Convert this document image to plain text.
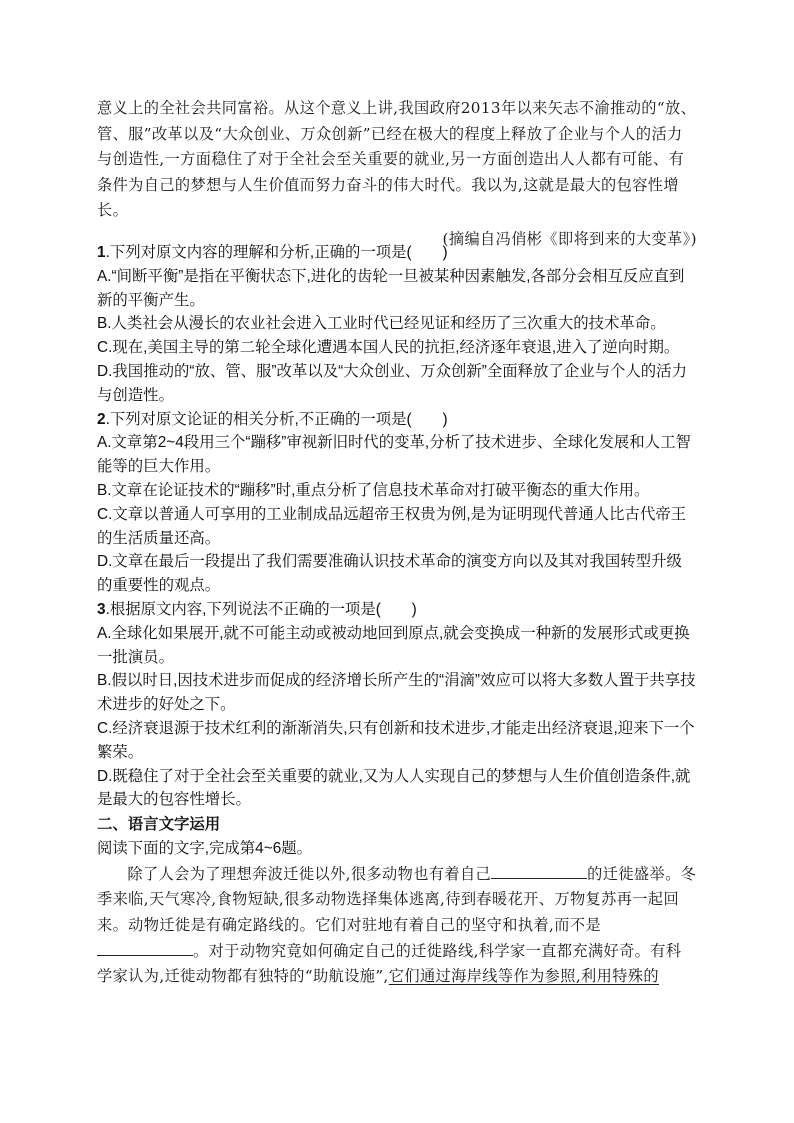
意义上的全社会共同富裕。从这个意义上讲,我国政府2013年以来矢志不渝推动的“放、管、服”改革以及“大众创业、万众创新”已经在极大的程度上释放了企业与个人的活力与创造性,一方面稳住了对于全社会至关重要的就业,另一方面创造出人人都有可能、有条件为自己的梦想与人生价值而努力奋斗的伟大时代。我以为,这就是最大的包容性增长。

(摘编自冯俏彬《即将到来的大变革》)

1.下列对原文内容的理解和分析,正确的一项是(　　)

A.“间断平衡”是指在平衡状态下,进化的齿轮一旦被某种因素触发,各部分会相互反应直到新的平衡产生。

B.人类社会从漫长的农业社会进入工业时代已经见证和经历了三次重大的技术革命。

C.现在,美国主导的第二轮全球化遭遇本国人民的抗拒,经济逐年衰退,进入了逆向时期。

D.我国推动的“放、管、服”改革以及“大众创业、万众创新”全面释放了企业与个人的活力与创造性。

2.下列对原文论证的相关分析,不正确的一项是(　　)

A.文章第2~4段用三个“蹦移”审视新旧时代的变革,分析了技术进步、全球化发展和人工智能等的巨大作用。

B.文章在论证技术的“蹦移”时,重点分析了信息技术革命对打破平衡态的重大作用。

C.文章以普通人可享用的工业制成品远超帝王权贵为例,是为证明现代普通人比古代帝王的生活质量还高。

D.文章在最后一段提出了我们需要准确认识技术革命的演变方向以及其对我国转型升级的重要性的观点。

3.根据原文内容,下列说法不正确的一项是(　　)

A.全球化如果展开,就不可能主动或被动地回到原点,就会变换成一种新的发展形式或更换一批演员。

B.假以时日,因技术进步而促成的经济增长所产生的“涓滴”效应可以将大多数人置于共享技术进步的好处之下。

C.经济衰退源于技术红利的渐渐消失,只有创新和技术进步,才能走出经济衰退,迎来下一个繁荣。

D.既稳住了对于全社会至关重要的就业,又为人人实现自己的梦想与人生价值创造条件,就是最大的包容性增长。

二、语言文字运用

阅读下面的文字,完成第4~6题。

除了人会为了理想奔波迁徙以外,很多动物也有着自己	的迁徙盛举。冬季来临,天气寒冷,食物短缺,很多动物选择集体逃离,待到春暖花开、万物复苏再一起回来。动物迁徙是有确定路线的。它们对驻地有着自己的坚守和执着,而不是。对于动物究竟如何确定自己的迁徙路线,科学家一直都充满好奇。有科学家认为,迁徙动物都有独特的“助航设施”,它们通过海岸线等作为参照,利用特殊的
